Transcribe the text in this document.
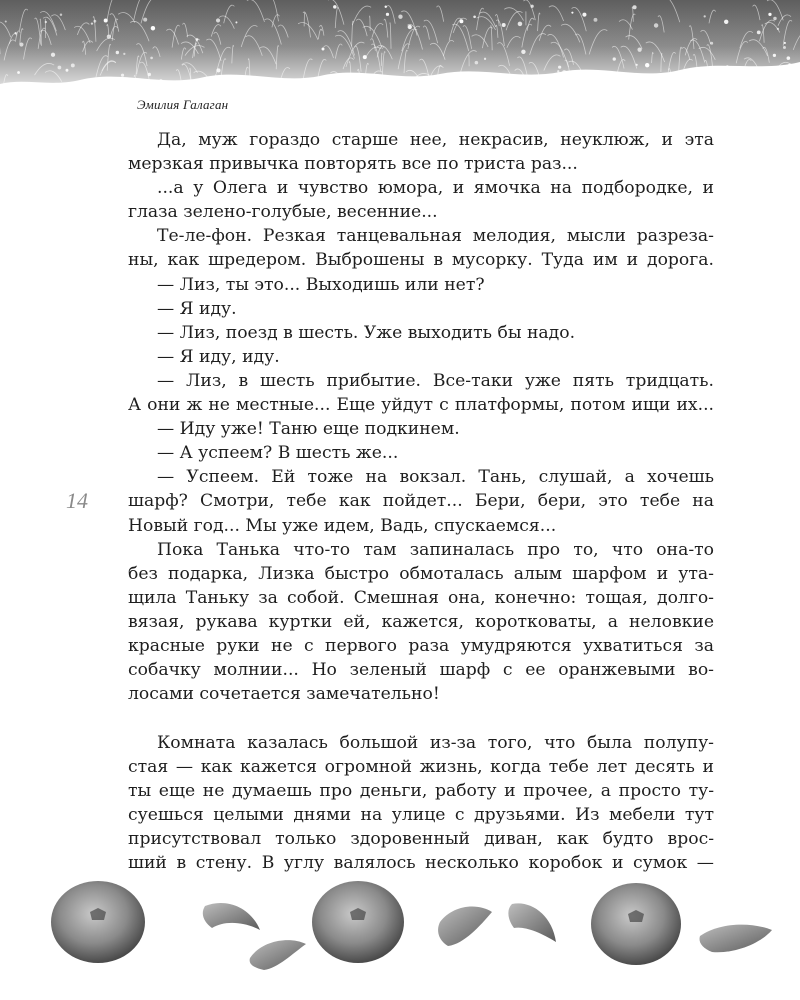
Эмилия Галаган
14
Да, муж гораздо старше нее, некрасив, неуклюж, и эта
мерзкая привычка повторять все по триста раз...
...а у Олега и чувство юмора, и ямочка на подбородке, и
глаза зелено-голубые, весенние...
Те-ле-фон. Резкая танцевальная мелодия, мысли разреза-
ны, как шредером. Выброшены в мусорку. Туда им и дорога.
— Лиз, ты это... Выходишь или нет?
— Я иду.
— Лиз, поезд в шесть. Уже выходить бы надо.
— Я иду, иду.
— Лиз, в шесть прибытие. Все-таки уже пять тридцать.
А они ж не местные... Еще уйдут с платформы, потом ищи их...
— Иду уже! Таню еще подкинем.
— А успеем? В шесть же...
— Успеем. Ей тоже на вокзал. Тань, слушай, а хочешь
шарф? Смотри, тебе как пойдет... Бери, бери, это тебе на
Новый год... Мы уже идем, Вадь, спускаемся...
Пока Танька что-то там запиналась про то, что она-то
без подарка, Лизка быстро обмоталась алым шарфом и ута-
щила Таньку за собой. Смешная она, конечно: тощая, долго-
вязая, рукава куртки ей, кажется, коротковаты, а неловкие
красные руки не с первого раза умудряются ухватиться за
собачку молнии... Но зеленый шарф с ее оранжевыми во-
лосами сочетается замечательно!
Комната казалась большой из-за того, что была полупу-
стая — как кажется огромной жизнь, когда тебе лет десять и
ты еще не думаешь про деньги, работу и прочее, а просто ту-
суешься целыми днями на улице с друзьями. Из мебели тут
присутствовал только здоровенный диван, как будто врос-
ший в стену. В углу валялось несколько коробок и сумок —
